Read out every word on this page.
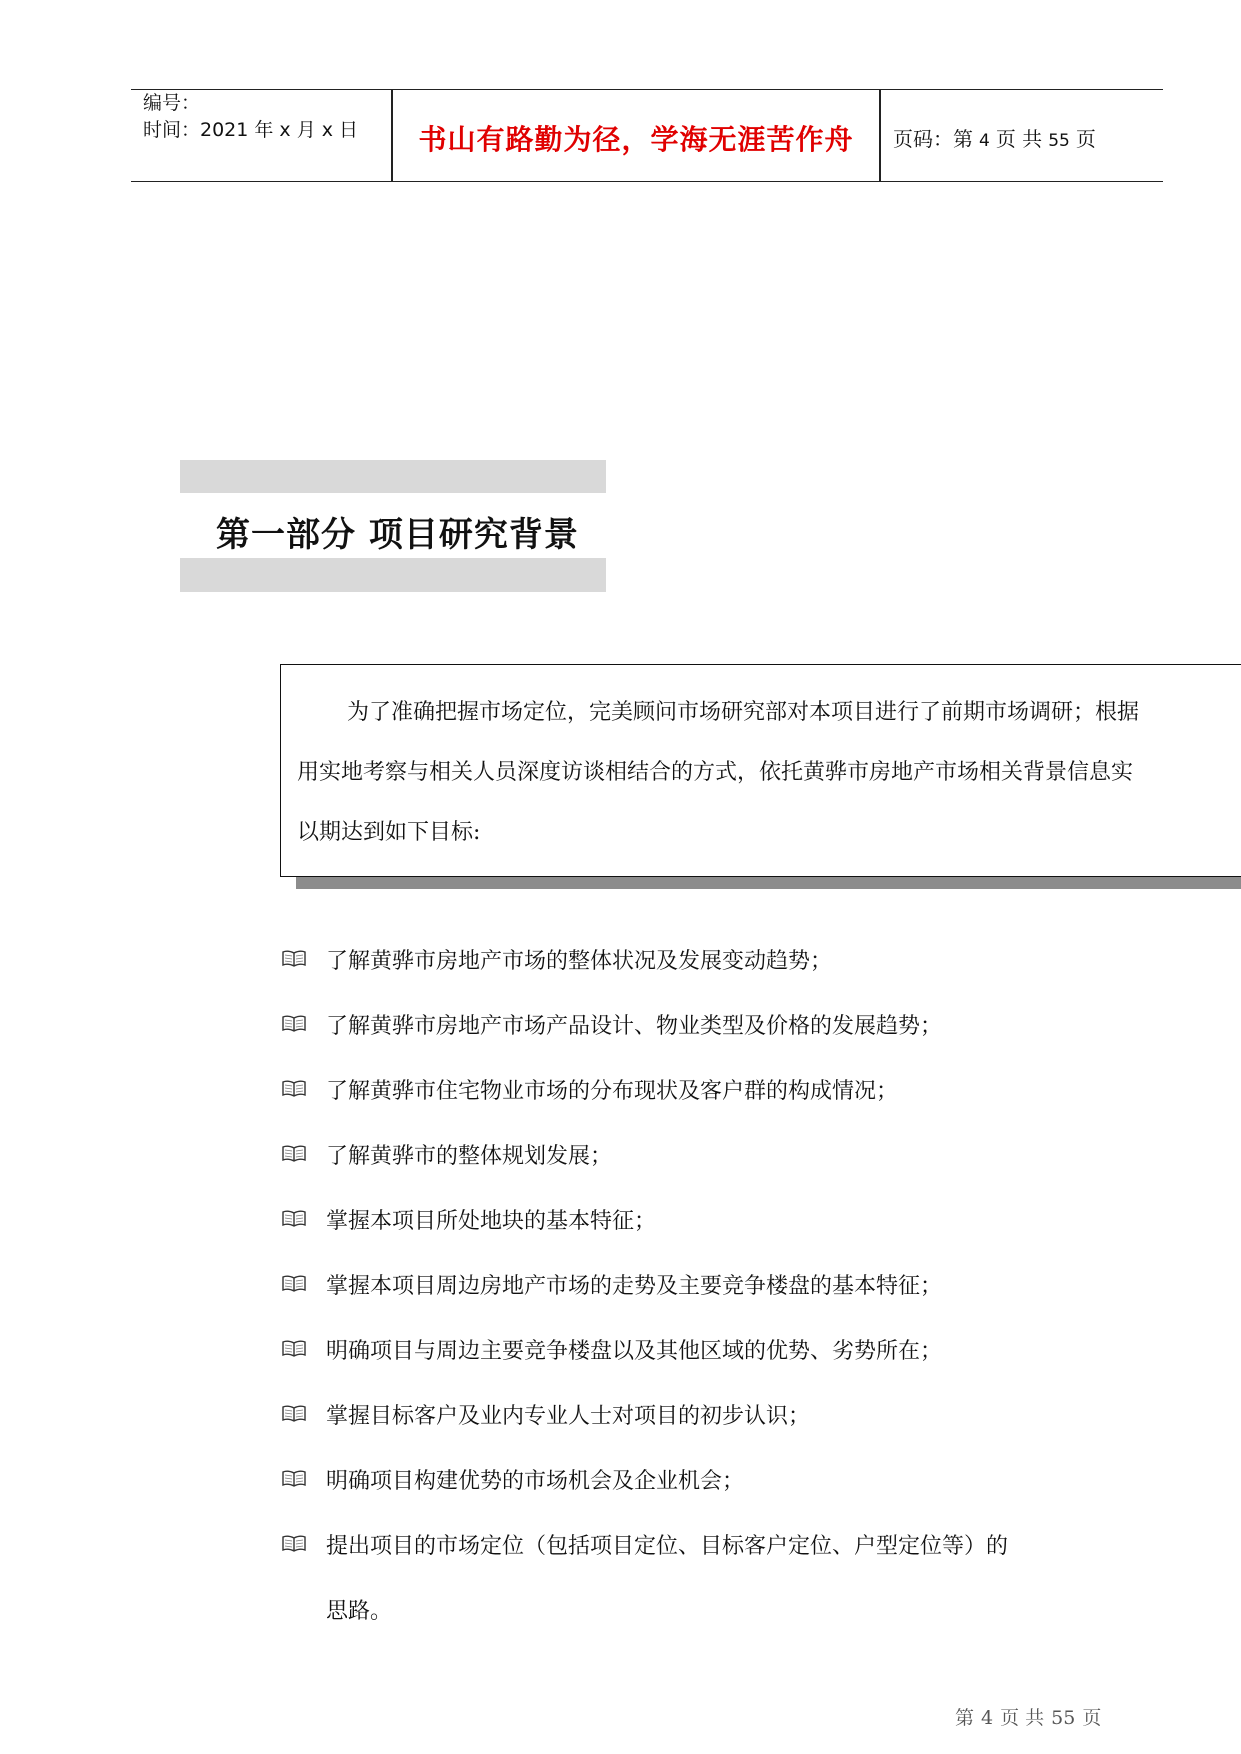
编号：
时间：2021 年 x 月 x 日	书山有路勤为径，学海无涯苦作舟	页码：第 4 页 共 55 页
第一部分 项目研究背景
为了准确把握市场定位，完美顾问市场研究部对本项目进行了前期市场调研；根据
用实地考察与相关人员深度访谈相结合的方式，依托黄骅市房地产市场相关背景信息实
以期达到如下目标:
了解黄骅市房地产市场的整体状况及发展变动趋势；
了解黄骅市房地产市场产品设计、物业类型及价格的发展趋势；
了解黄骅市住宅物业市场的分布现状及客户群的构成情况；
了解黄骅市的整体规划发展；
掌握本项目所处地块的基本特征；
掌握本项目周边房地产市场的走势及主要竞争楼盘的基本特征；
明确项目与周边主要竞争楼盘以及其他区域的优势、劣势所在；
掌握目标客户及业内专业人士对项目的初步认识；
明确项目构建优势的市场机会及企业机会；
提出项目的市场定位（包括项目定位、目标客户定位、户型定位等）的
思路。
第 4 页 共 55 页
